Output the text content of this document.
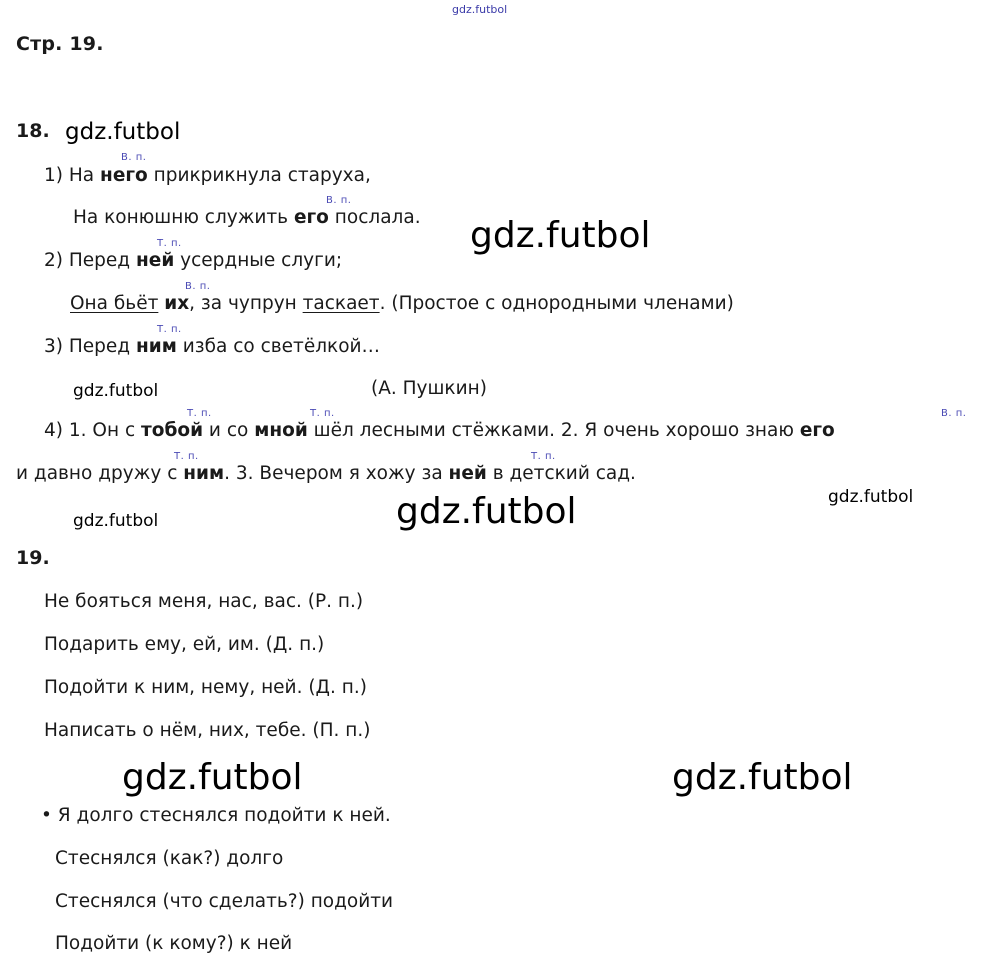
gdz.futbol
gdz.futbol
gdz.futbol
gdz.futbol
gdz.futbol
gdz.futbol	gdz.futbol
gdz.futbol	gdz.futbol
Стр. 19.
18.
1) На него прикрикнула старуха,
В. п.
На конюшню служить его послала.
В. п.
2) Перед ней усердные слуги;
Т. п.
Она бьёт их, за чупрун таскает. (Простое с однородными членами)
В. п.
3) Перед ним изба со светёлкой…
Т. п.
(А. Пушкин)
4) 1. Он с тобой и со мной шёл лесными стёжками. 2. Я очень хорошо знаю его
Т. п.	Т. п.	В. п.
и давно дружу с ним. 3. Вечером я хожу за ней в детский сад.
Т. п.	Т. п.
19.
Не бояться меня, нас, вас. (Р. п.)
Подарить ему, ей, им. (Д. п.)
Подойти к ним, нему, ней. (Д. п.)
Написать о нём, них, тебе. (П. п.)
• Я долго стеснялся подойти к ней.
Стеснялся (как?) долго
Стеснялся (что сделать?) подойти
Подойти (к кому?) к ней
